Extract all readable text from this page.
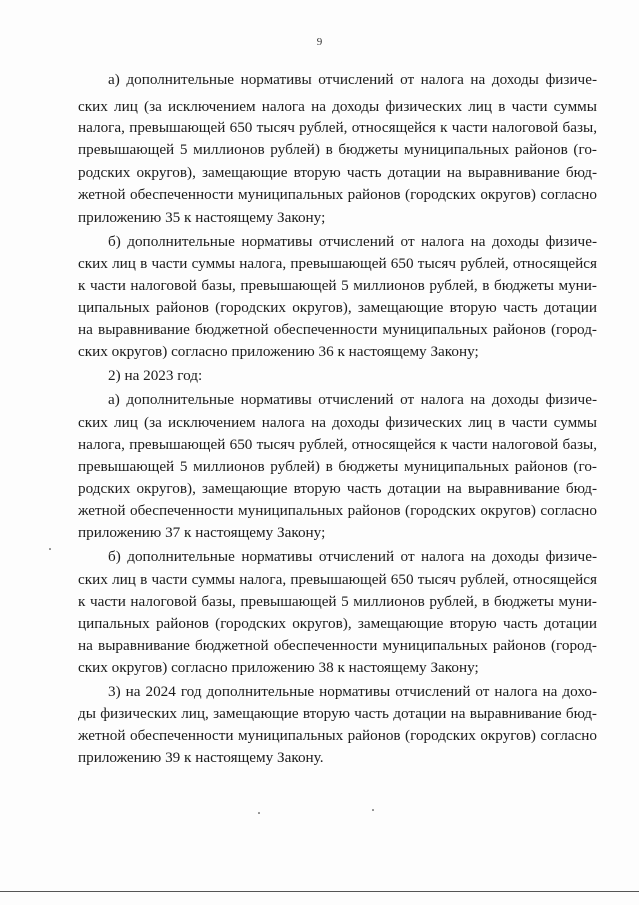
9
а) дополнительные нормативы отчислений от налога на доходы физиче-
ских лиц (за исключением налога на доходы физических лиц в части суммы
налога, превышающей 650 тысяч рублей, относящейся к части налоговой базы,
превышающей 5 миллионов рублей) в бюджеты муниципальных районов (го-
родских округов), замещающие вторую часть дотации на выравнивание бюд-
жетной обеспеченности муниципальных районов (городских округов) согласно
приложению 35 к настоящему Закону;
б) дополнительные нормативы отчислений от налога на доходы физиче-
ских лиц в части суммы налога, превышающей 650 тысяч рублей, относящейся
к части налоговой базы, превышающей 5 миллионов рублей, в бюджеты муни-
ципальных районов (городских округов), замещающие вторую часть дотации
на выравнивание бюджетной обеспеченности муниципальных районов (город-
ских округов) согласно приложению 36 к настоящему Закону;
2) на 2023 год:
а) дополнительные нормативы отчислений от налога на доходы физиче-
ских лиц (за исключением налога на доходы физических лиц в части суммы
налога, превышающей 650 тысяч рублей, относящейся к части налоговой базы,
превышающей 5 миллионов рублей) в бюджеты муниципальных районов (го-
родских округов), замещающие вторую часть дотации на выравнивание бюд-
жетной обеспеченности муниципальных районов (городских округов) согласно
приложению 37 к настоящему Закону;
б) дополнительные нормативы отчислений от налога на доходы физиче-
ских лиц в части суммы налога, превышающей 650 тысяч рублей, относящейся
к части налоговой базы, превышающей 5 миллионов рублей, в бюджеты муни-
ципальных районов (городских округов), замещающие вторую часть дотации
на выравнивание бюджетной обеспеченности муниципальных районов (город-
ских округов) согласно приложению 38 к настоящему Закону;
3) на 2024 год дополнительные нормативы отчислений от налога на дохо-
ды физических лиц, замещающие вторую часть дотации на выравнивание бюд-
жетной обеспеченности муниципальных районов (городских округов) согласно
приложению 39 к настоящему Закону.
